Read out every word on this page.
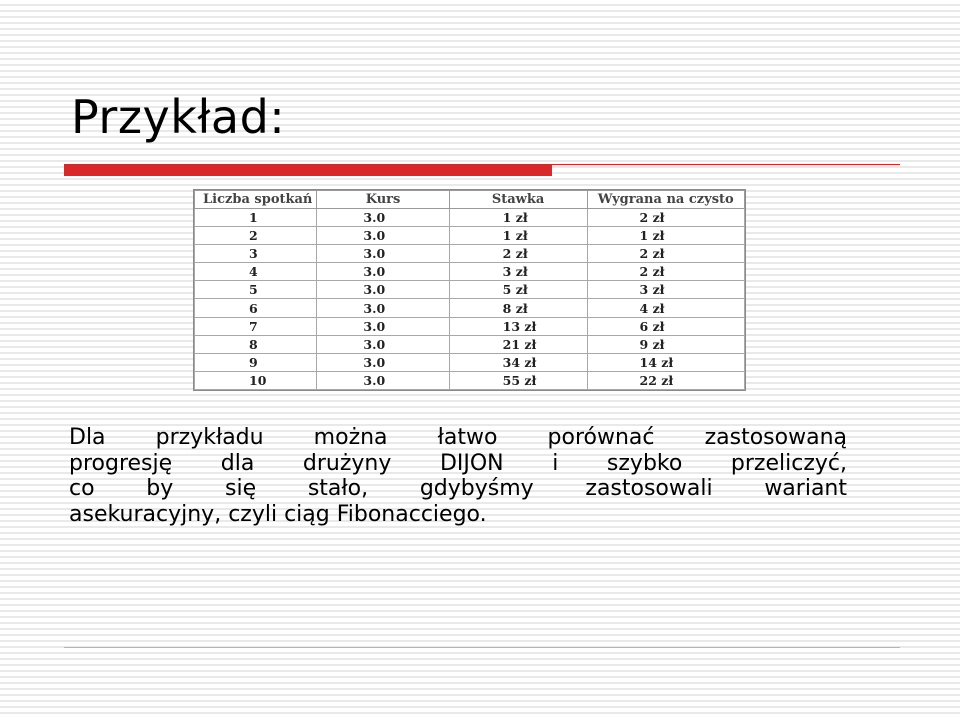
Przykład:
Liczba spotkań	Kurs	Stawka	Wygrana na czysto
1	3.0	1 zł	2 zł
2	3.0	1 zł	1 zł
3	3.0	2 zł	2 zł
4	3.0	3 zł	2 zł
5	3.0	5 zł	3 zł
6	3.0	8 zł	4 zł
7	3.0	13 zł	6 zł
8	3.0	21 zł	9 zł
9	3.0	34 zł	14 zł
10	3.0	55 zł	22 zł
Dla przykładu można łatwo porównać zastosowaną
progresję dla drużyny DIJON i szybko przeliczyć,
co by się stało, gdybyśmy zastosowali wariant
asekuracyjny, czyli ciąg Fibonacciego.
